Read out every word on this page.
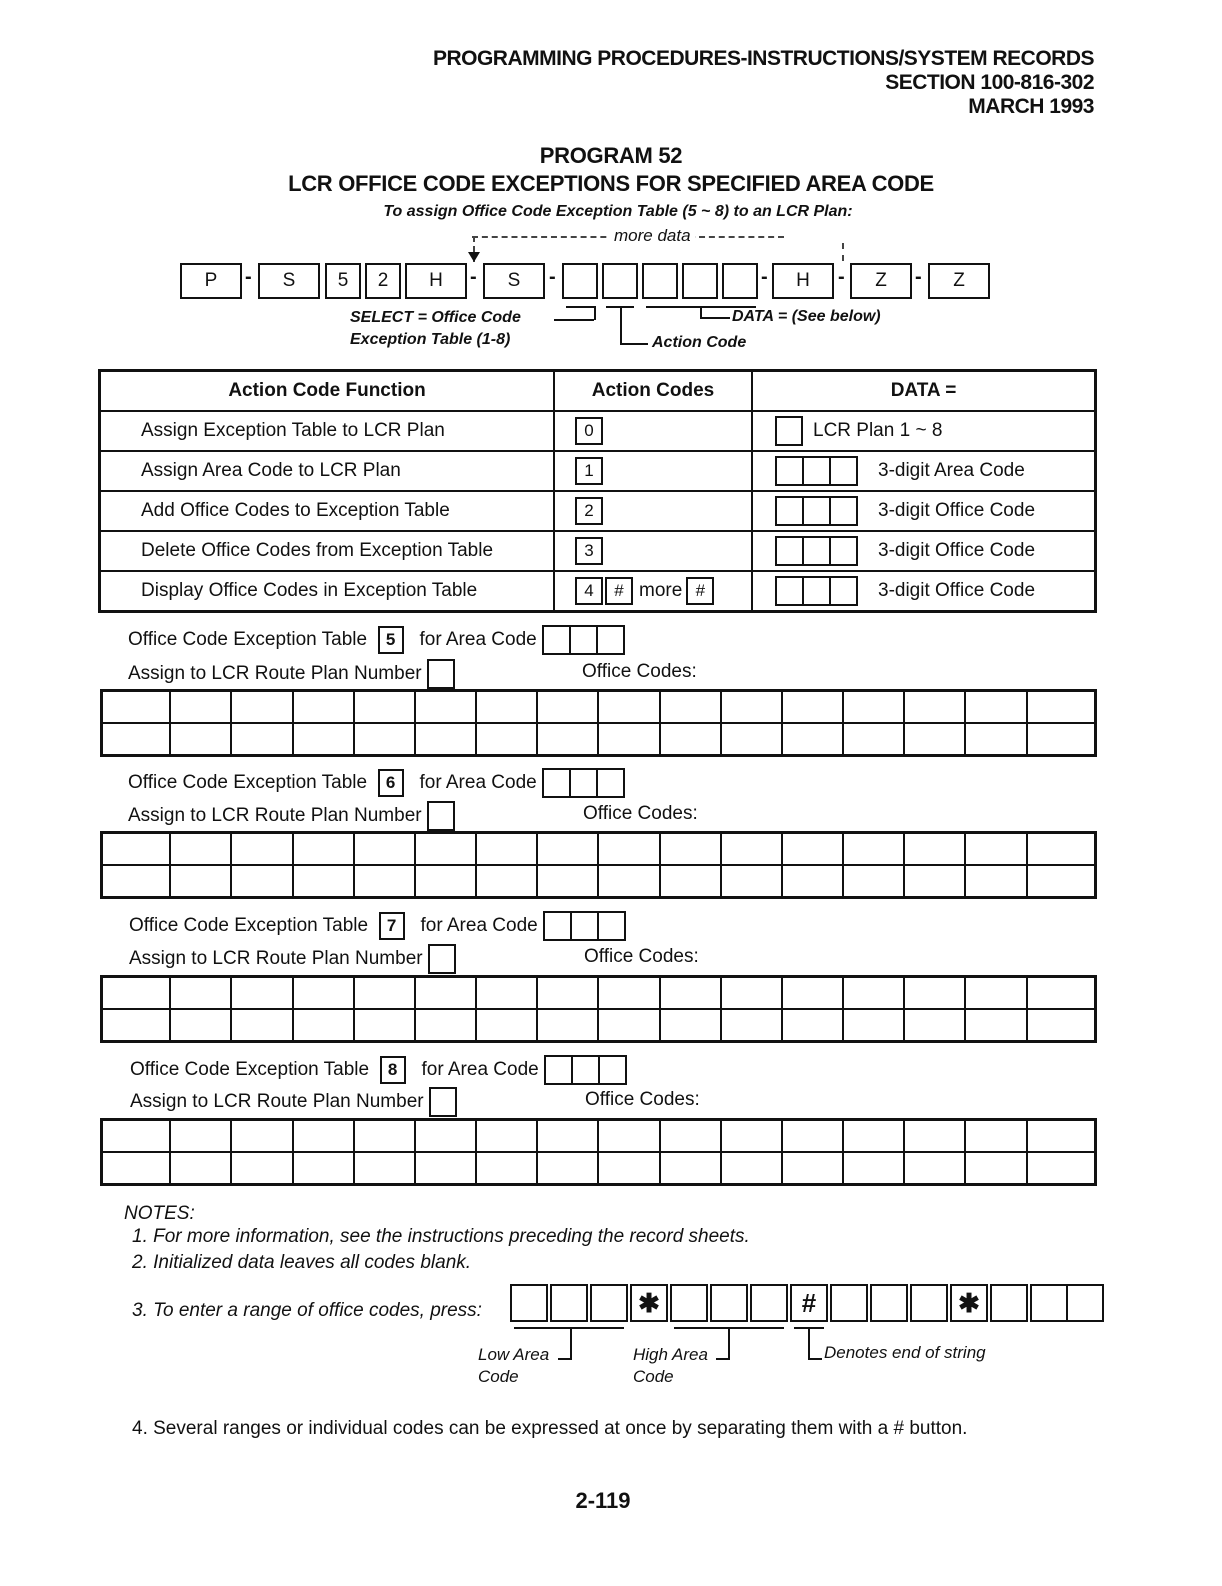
PROGRAMMING PROCEDURES-INSTRUCTIONS/SYSTEM RECORDS
SECTION 100-816-302
MARCH 1993
PROGRAM 52
LCR OFFICE CODE EXCEPTIONS FOR SPECIFIED AREA CODE
To assign Office Code Exception Table (5 ~ 8) to an LCR Plan:
more data
P	-	S	5	2	H	-	S	-	-	H	-	Z	-	Z
SELECT = Office Code
Exception Table (1-8)	Action Code
DATA = (See below)
Action Code Function	Action Codes	DATA =
Assign Exception Table to LCR Plan	0	LCR Plan 1 ~ 8

Assign Area Code to LCR Plan	1	3-digit Area Code

Add Office Codes to Exception Table	2	3-digit Office Code

Delete Office Codes from Exception Table	3	3-digit Office Code

Display Office Codes in Exception Table	4 # more #	3-digit Office Code
Office Code Exception Table 5 for Area Code
Assign to LCR Route Plan Number	Office Codes:

Office Code Exception Table 6 for Area Code
Assign to LCR Route Plan Number	Office Codes:

Office Code Exception Table 7 for Area Code
Assign to LCR Route Plan Number	Office Codes:

Office Code Exception Table 8 for Area Code
Assign to LCR Route Plan Number	Office Codes:

NOTES:
1. For more information, see the instructions preceding the record sheets.
2. Initialized data leaves all codes blank.
3. To enter a range of office codes, press:	✱	#	✱
Low Area
Code
High Area
Code
Denotes end of string
4. Several ranges or individual codes can be expressed at once by separating them with a # button.
2-119
